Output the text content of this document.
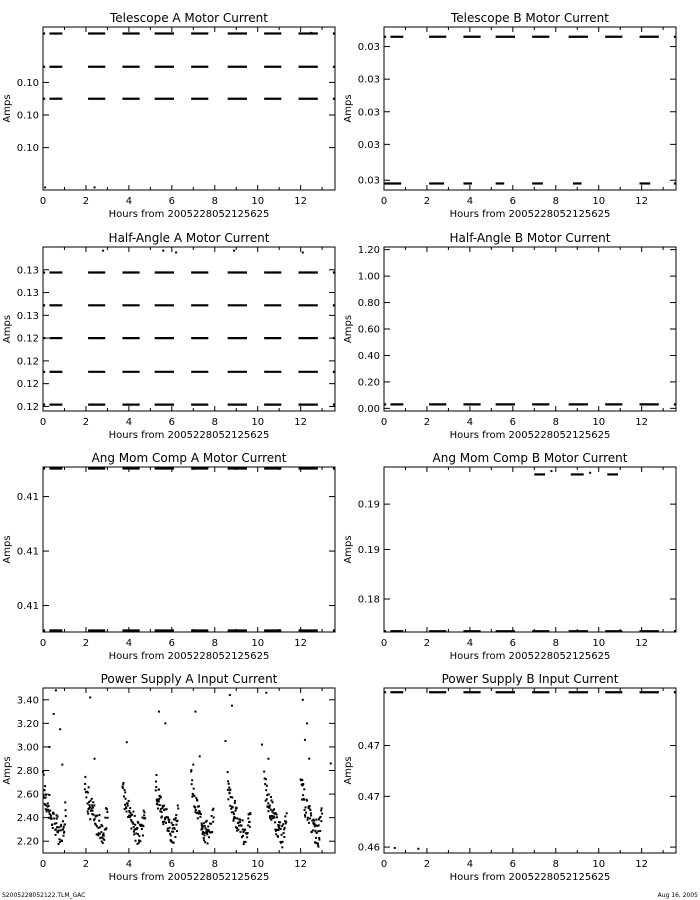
Telescope A Motor Current
Hours from 2005228052125625
Amps
0	2	4	6	8	10	12
0.10
0.10
0.10
Telescope B Motor Current
Hours from 2005228052125625
Amps
0	2	4	6	8	10	12
0.03
0.03
0.03
0.03
0.03
Half-Angle A Motor Current
Hours from 2005228052125625
Amps
0	2	4	6	8	10	12
0.12
0.12
0.12
0.12
0.13
0.13
0.13
Half-Angle B Motor Current
Hours from 2005228052125625
Amps
0	2	4	6	8	10	12
0.00
0.20
0.40
0.60
0.80
1.00
1.20
Ang Mom Comp A Motor Current
Hours from 2005228052125625
Amps
0	2	4	6	8	10	12
0.41
0.41
0.41
Ang Mom Comp B Motor Current
Hours from 2005228052125625
Amps
0	2	4	6	8	10	12
0.18
0.19
0.19
Power Supply A Input Current
Hours from 2005228052125625
Amps
0	2	4	6	8	10	12
2.20
2.40
2.60
2.80
3.00
3.20
3.40
Power Supply B Input Current
Hours from 2005228052125625
Amps
0	2	4	6	8	10	12
0.46
0.47
0.47
S2005228052122.TLM_GAC	Aug 16, 2005
